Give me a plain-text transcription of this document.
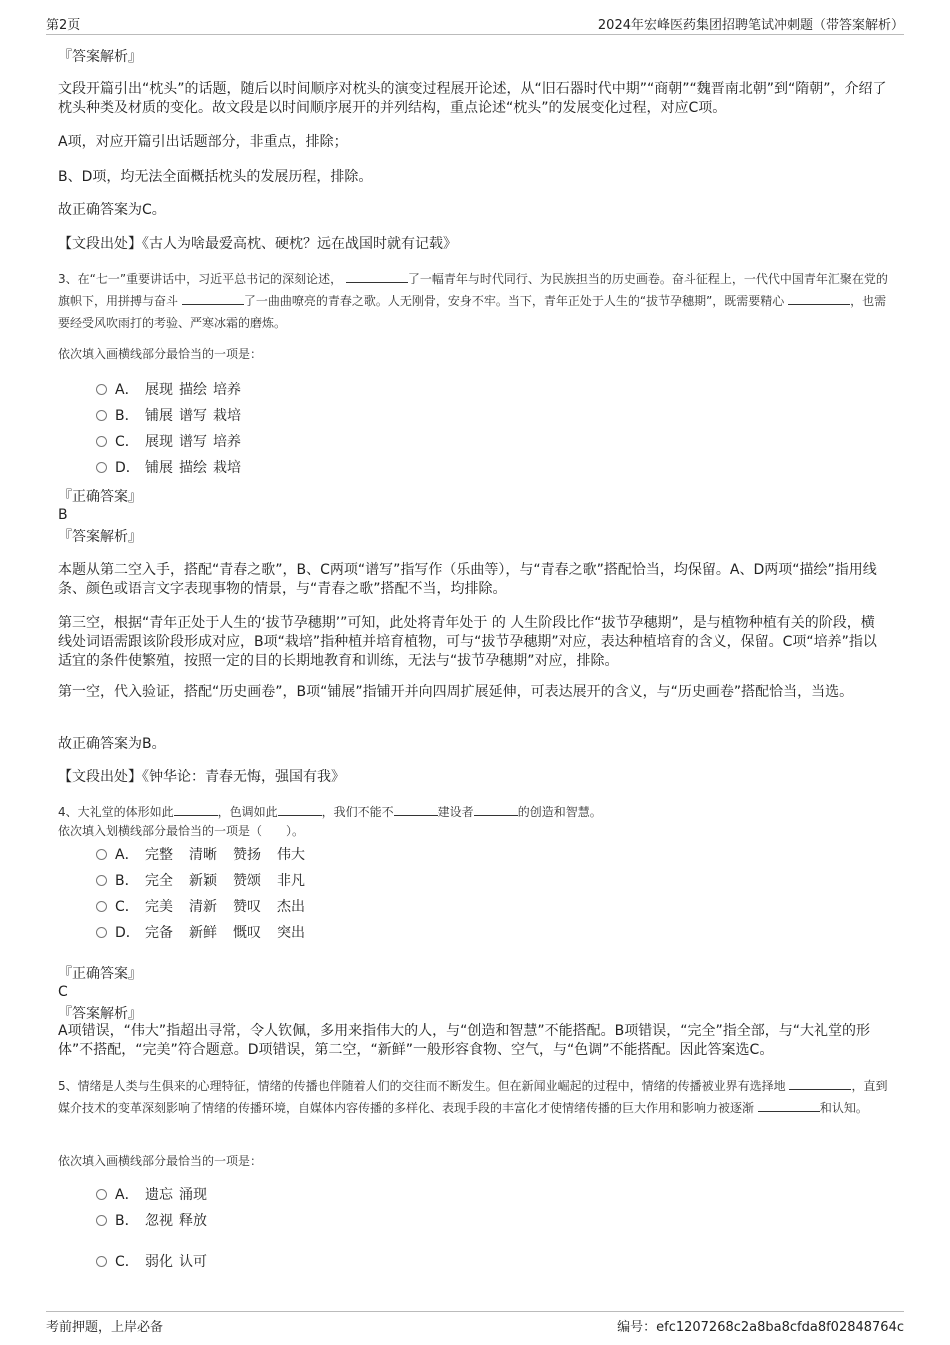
第2页	2024年宏峰医药集团招聘笔试冲刺题（带答案解析）
『答案解析』
文段开篇引出“枕头”的话题，随后以时间顺序对枕头的演变过程展开论述，从“旧石器时代中期”“商朝”“魏晋南北朝”到“隋朝”，介绍了枕头种类及材质的变化。故文段是以时间顺序展开的并列结构，重点论述“枕头”的发展变化过程，对应C项。
A项，对应开篇引出话题部分，非重点，排除；
B、D项，均无法全面概括枕头的发展历程，排除。
故正确答案为C。
【文段出处】《古人为啥最爱高枕、硬枕？远在战国时就有记载》
3、在“七一”重要讲话中，习近平总书记的深刻论述，	了一幅青年与时代同行、为民族担当的历史画卷。奋斗征程上，一代代中国青年汇聚在党的旗帜下，用拼搏与奋斗	了一曲曲嘹亮的青春之歌。人无刚骨，安身不牢。当下，青年正处于人生的“拔节孕穗期”，既需要精心	，也需要经受风吹雨打的考验、严寒冰霜的磨炼。
依次填入画横线部分最恰当的一项是：
A． 展现 描绘 培养
B． 铺展 谱写 栽培
C． 展现 谱写 培养
D． 铺展 描绘 栽培
『正确答案』
B
『答案解析』
本题从第二空入手，搭配“青春之歌”，B、C两项“谱写”指写作（乐曲等），与“青春之歌”搭配恰当，均保留。A、D两项“描绘”指用线条、颜色或语言文字表现事物的情景，与“青春之歌”搭配不当，均排除。
第三空，根据“青年正处于人生的‘拔节孕穗期’”可知，此处将青年处于 的 人生阶段比作“拔节孕穗期”，是与植物种植有关的阶段，横线处词语需跟该阶段形成对应，B项“栽培”指种植并培育植物，可与“拔节孕穗期”对应，表达种植培育的含义，保留。C项“培养”指以适宜的条件使繁殖，按照一定的目的长期地教育和训练，无法与“拔节孕穗期”对应，排除。
第一空，代入验证，搭配“历史画卷”，B项“铺展”指铺开并向四周扩展延伸，可表达展开的含义，与“历史画卷”搭配恰当，当选。
故正确答案为B。
【文段出处】《钟华论：青春无悔，强国有我》
4、大礼堂的体形如此	，色调如此	，我们不能不	建设者	的创造和智慧。
依次填入划横线部分最恰当的一项是（　　）。
A． 完整 清晰 赞扬 伟大
B． 完全 新颖 赞颂 非凡
C． 完美 清新 赞叹 杰出
D． 完备 新鲜 慨叹 突出
『正确答案』
C
『答案解析』
A项错误，“伟大”指超出寻常，令人钦佩，多用来指伟大的人，与“创造和智慧”不能搭配。B项错误，“完全”指全部，与“大礼堂的形体”不搭配，“完美”符合题意。D项错误，第二空，“新鲜”一般形容食物、空气，与“色调”不能搭配。因此答案选C。
5、情绪是人类与生俱来的心理特征，情绪的传播也伴随着人们的交往而不断发生。但在新闻业崛起的过程中，情绪的传播被业界有选择地	，直到媒介技术的变革深刻影响了情绪的传播环境，自媒体内容传播的多样化、表现手段的丰富化才使情绪传播的巨大作用和影响力被逐渐	和认知。
依次填入画横线部分最恰当的一项是：
A． 遗忘 涌现
B． 忽视 释放
C． 弱化 认可
考前押题，上岸必备	编号：efc1207268c2a8ba8cfda8f02848764c
